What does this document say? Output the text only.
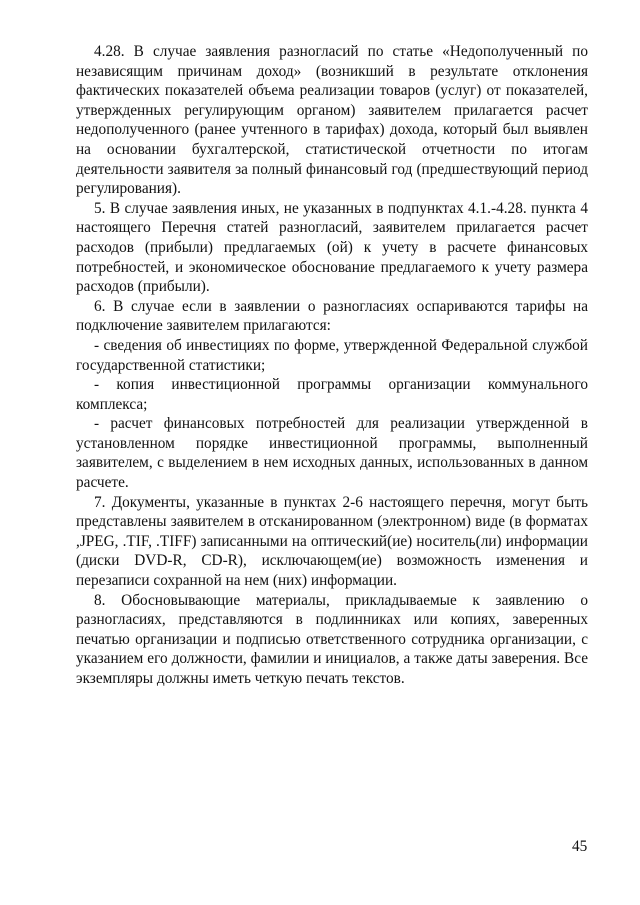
4.28. В случае заявления разногласий по статье «Недополученный по независящим причинам доход» (возникший в результате отклонения фактических показателей объема реализации товаров (услуг) от показателей, утвержденных регулирующим органом) заявителем прилагается расчет недополученного (ранее учтенного в тарифах) дохода, который был выявлен на основании бухгалтерской, статистической отчетности по итогам деятельности заявителя за полный финансовый год (предшествующий период регулирования).

5. В случае заявления иных, не указанных в подпунктах 4.1.-4.28. пункта 4 настоящего Перечня статей разногласий, заявителем прилагается расчет расходов (прибыли) предлагаемых (ой) к учету в расчете финансовых потребностей, и экономическое обоснование предлагаемого к учету размера расходов (прибыли).

6. В случае если в заявлении о разногласиях оспариваются тарифы на подключение заявителем прилагаются:

- сведения об инвестициях по форме, утвержденной Федеральной службой государственной статистики;

- копия инвестиционной программы организации коммунального комплекса;

- расчет финансовых потребностей для реализации утвержденной в установленном порядке инвестиционной программы, выполненный заявителем, с выделением в нем исходных данных, использованных в данном расчете.

7. Документы, указанные в пунктах 2-6 настоящего перечня, могут быть представлены заявителем в отсканированном (электронном) виде (в форматах ,JPEG, .TIF, .TIFF) записанными на оптический(ие) носитель(ли) информации (диски DVD-R, CD-R), исключающем(ие) возможность изменения и перезаписи сохранной на нем (них) информации.

8. Обосновывающие материалы, прикладываемые к заявлению о разногласиях, представляются в подлинниках или копиях, заверенных печатью организации и подписью ответственного сотрудника организации, с указанием его должности, фамилии и инициалов, а также даты заверения. Все экземпляры должны иметь четкую печать текстов.

45
